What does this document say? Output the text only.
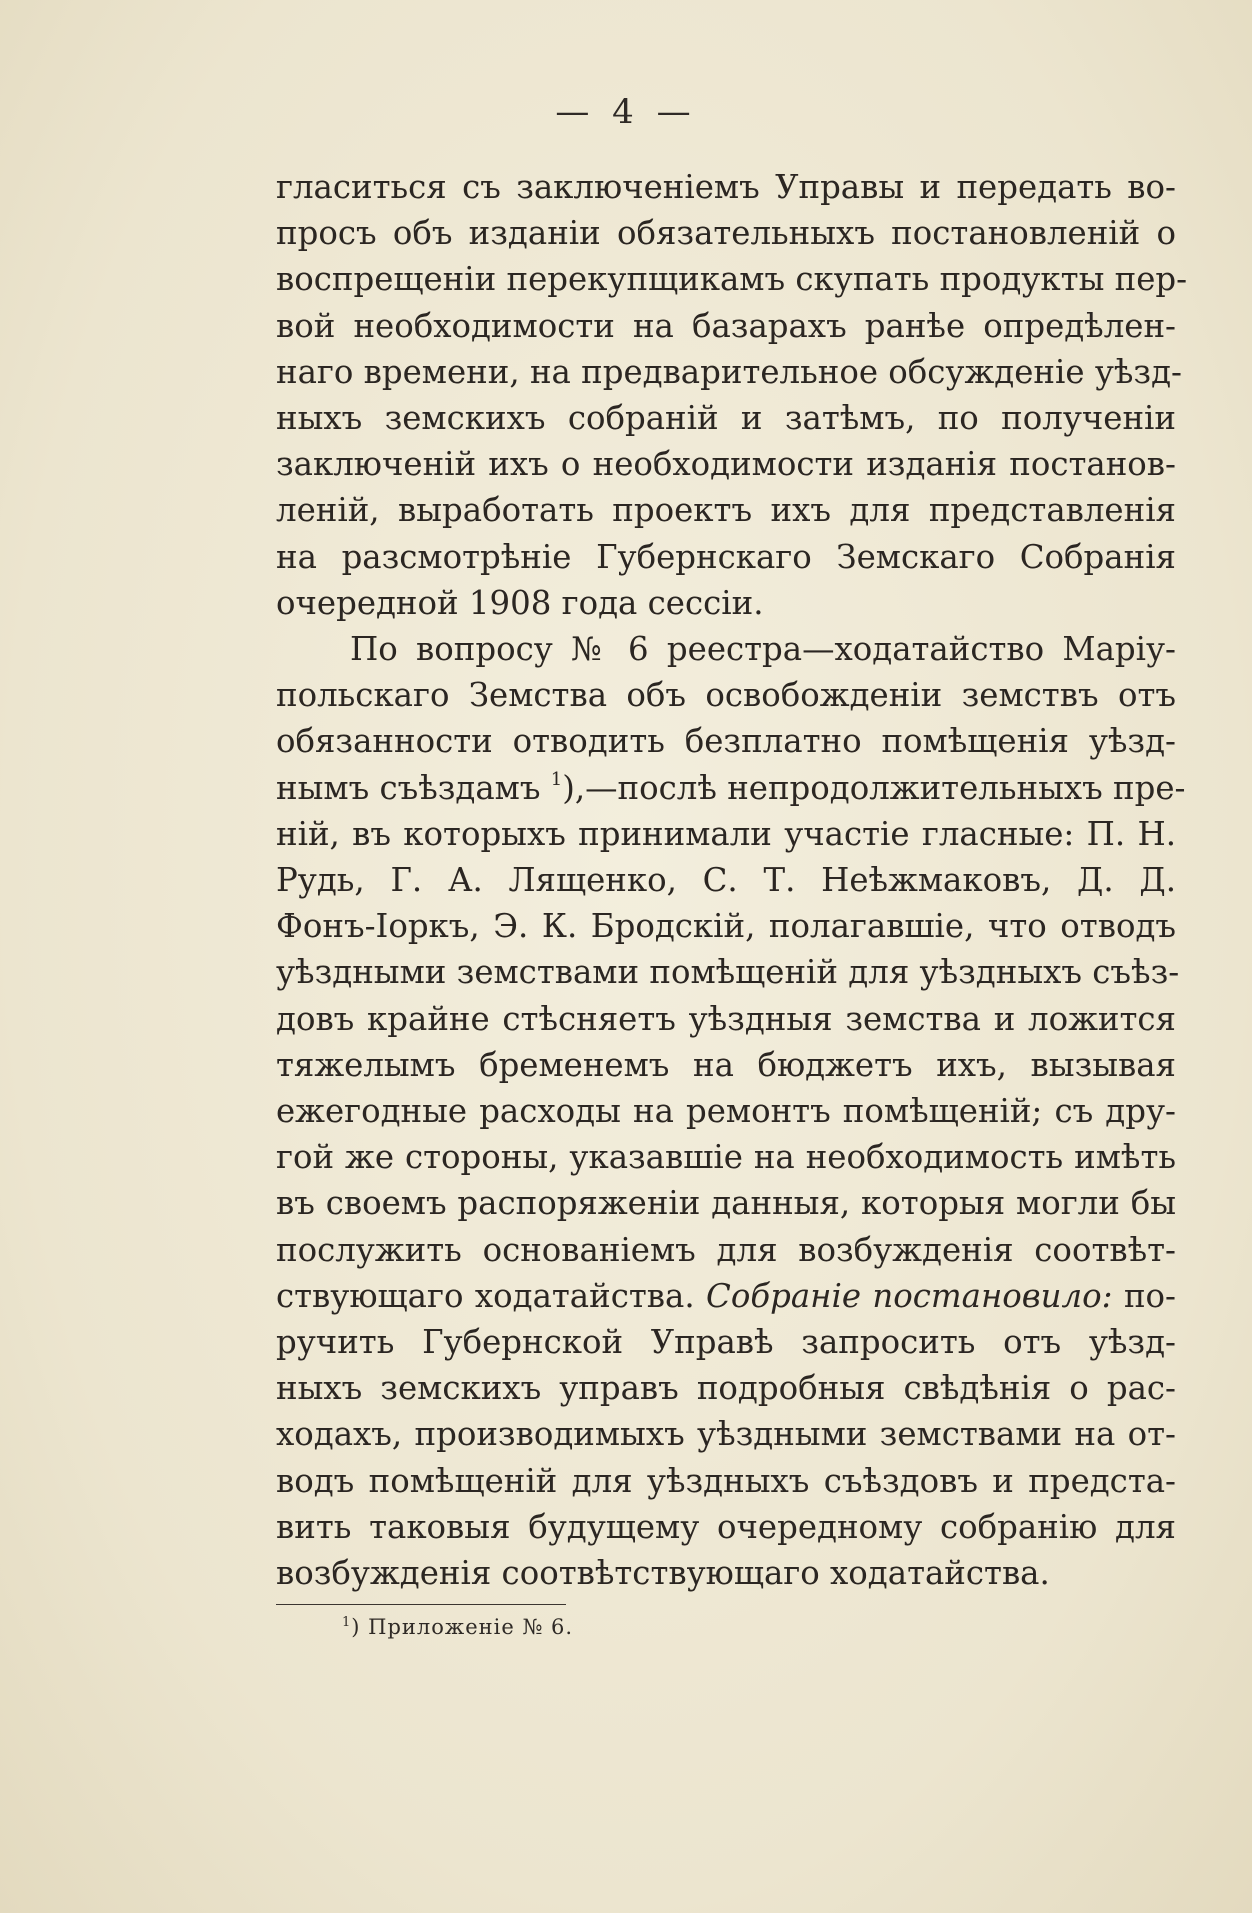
— 4 —
гласиться съ заключеніемъ Управы и передать во-
просъ объ изданіи обязательныхъ постановленій о
воспрещеніи перекупщикамъ скупать продукты пер-
вой необходимости на базарахъ ранѣе опредѣлен-
наго времени, на предварительное обсужденіе уѣзд-
ныхъ земскихъ собраній и затѣмъ, по полученіи
заключеній ихъ о необходимости изданія постанов-
леній, выработать проектъ ихъ для представленія
на разсмотрѣніе Губернскаго Земскаго Собранія
очередной 1908 года сессіи.
По вопросу № 6 реестра—ходатайство Маріу-
польскаго Земства объ освобожденіи земствъ отъ
обязанности отводить безплатно помѣщенія уѣзд-
нымъ съѣздамъ $^1$),—послѣ непродолжительныхъ пре-
ній, въ которыхъ принимали участіе гласные: П. Н.
Рудь, Г. А. Лященко, С. Т. Неѣжмаковъ, Д. Д.
Фонъ-Іоркъ, Э. К. Бродскій, полагавшіе, что отводъ
уѣздными земствами помѣщеній для уѣздныхъ съѣз-
довъ крайне стѣсняетъ уѣздныя земства и ложится
тяжелымъ бременемъ на бюджетъ ихъ, вызывая
ежегодные расходы на ремонтъ помѣщеній; съ дру-
гой же стороны, указавшіе на необходимость имѣть
въ своемъ распоряженіи данныя, которыя могли бы
послужить основаніемъ для возбужденія соотвѣт-
ствующаго ходатайства. Собраніе постановило: по-
ручить Губернской Управѣ запросить отъ уѣзд-
ныхъ земскихъ управъ подробныя свѣдѣнія о рас-
ходахъ, производимыхъ уѣздными земствами на от-
водъ помѣщеній для уѣздныхъ съѣздовъ и предста-
вить таковыя будущему очередному собранію для
возбужденія соотвѣтствующаго ходатайства.
$^1$) Приложеніе № 6.
